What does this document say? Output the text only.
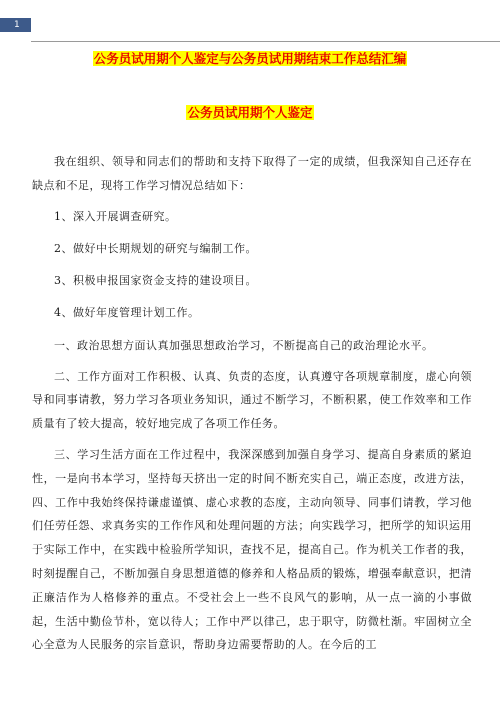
1
公务员试用期个人鉴定与公务员试用期结束工作总结汇编
公务员试用期个人鉴定

我在组织、领导和同志们的帮助和支持下取得了一定的成绩，但我深知自己还存在缺点和不足，现将工作学习情况总结如下：

1、深入开展调查研究。

2、做好中长期规划的研究与编制工作。

3、积极申报国家资金支持的建设项目。

4、做好年度管理计划工作。

一、政治思想方面认真加强思想政治学习，不断提高自己的政治理论水平。

二、工作方面对工作积极、认真、负责的态度，认真遵守各项规章制度，虚心向领导和同事请教，努力学习各项业务知识，通过不断学习，不断积累，使工作效率和工作质量有了较大提高，较好地完成了各项工作任务。

三、学习生活方面在工作过程中，我深深感到加强自身学习、提高自身素质的紧迫性，一是向书本学习，坚持每天挤出一定的时间不断充实自己，端正态度，改进方法，四、工作中我始终保持谦虚谨慎、虚心求教的态度，主动向领导、同事们请教，学习他们任劳任怨、求真务实的工作作风和处理问题的方法；向实践学习，把所学的知识运用于实际工作中，在实践中检验所学知识，查找不足，提高自己。作为机关工作者的我，时刻提醒自己，不断加强自身思想道德的修养和人格品质的锻炼，增强奉献意识，把清正廉洁作为人格修养的重点。不受社会上一些不良风气的影响，从一点一滴的小事做起，生活中勤俭节朴，宽以待人；工作中严以律己，忠于职守，防微杜渐。牢固树立全心全意为人民服务的宗旨意识，帮助身边需要帮助的人。在今后的工
